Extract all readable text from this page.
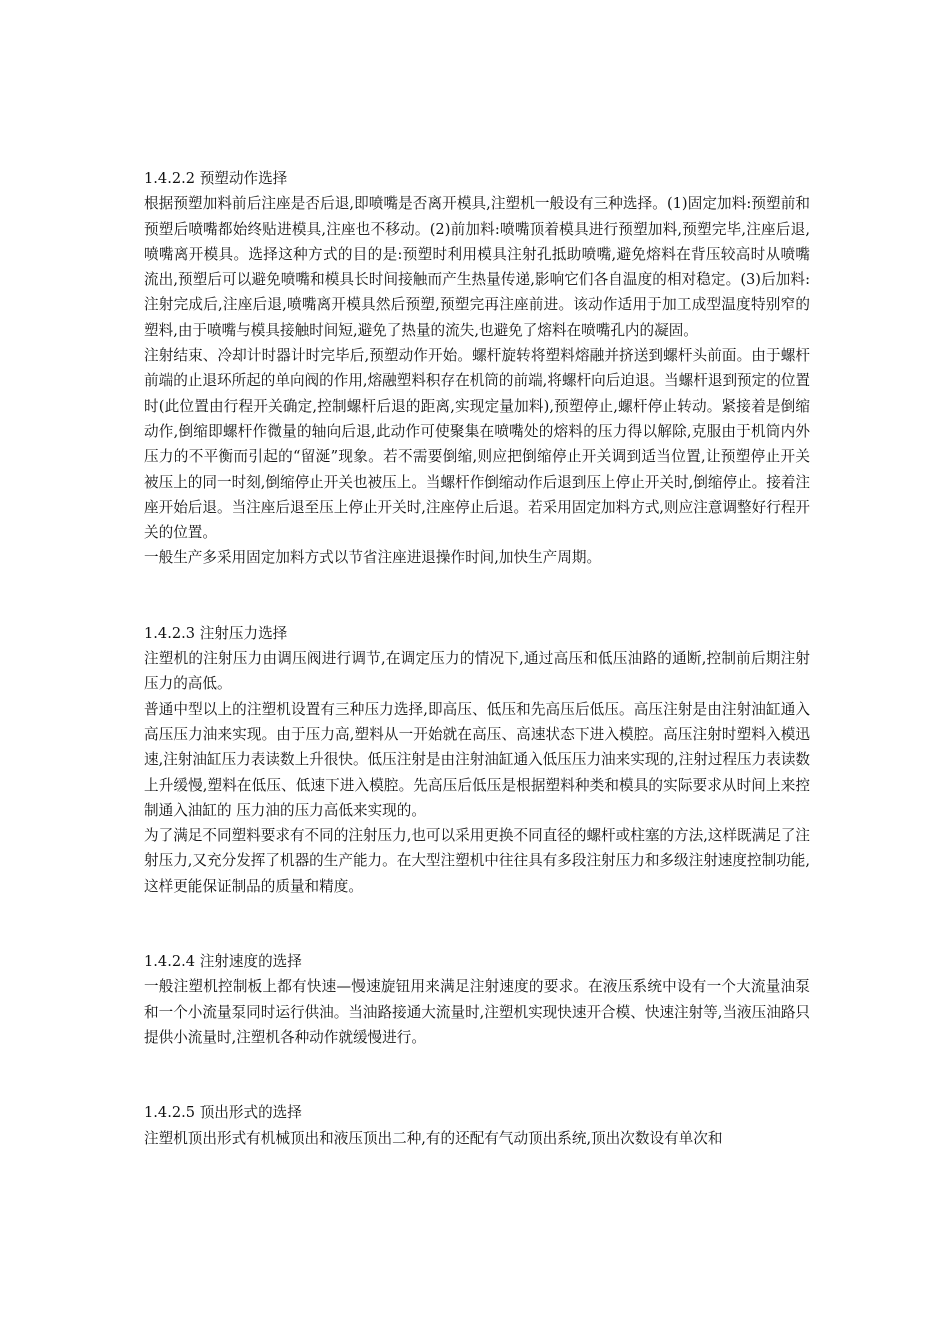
1.4.2.2 预塑动作选择

根据预塑加料前后注座是否后退,即喷嘴是否离开模具,注塑机一般设有三种选择。(1)固定加料:预塑前和预塑后喷嘴都始终贴进模具,注座也不移动。(2)前加料:喷嘴顶着模具进行预塑加料,预塑完毕,注座后退,喷嘴离开模具。选择这种方式的目的是:预塑时利用模具注射孔抵助喷嘴,避免熔料在背压较高时从喷嘴流出,预塑后可以避免喷嘴和模具长时间接触而产生热量传递,影响它们各自温度的相对稳定。(3)后加料:注射完成后,注座后退,喷嘴离开模具然后预塑,预塑完再注座前进。该动作适用于加工成型温度特别窄的塑料,由于喷嘴与模具接触时间短,避免了热量的流失,也避免了熔料在喷嘴孔内的凝固。

注射结束、冷却计时器计时完毕后,预塑动作开始。螺杆旋转将塑料熔融并挤送到螺杆头前面。由于螺杆前端的止退环所起的单向阀的作用,熔融塑料积存在机筒的前端,将螺杆向后迫退。当螺杆退到预定的位置时(此位置由行程开关确定,控制螺杆后退的距离,实现定量加料),预塑停止,螺杆停止转动。紧接着是倒缩动作,倒缩即螺杆作微量的轴向后退,此动作可使聚集在喷嘴处的熔料的压力得以解除,克服由于机筒内外压力的不平衡而引起的“留涎”现象。若不需要倒缩,则应把倒缩停止开关调到适当位置,让预塑停止开关被压上的同一时刻,倒缩停止开关也被压上。当螺杆作倒缩动作后退到压上停止开关时,倒缩停止。接着注座开始后退。当注座后退至压上停止开关时,注座停止后退。若采用固定加料方式,则应注意调整好行程开关的位置。

一般生产多采用固定加料方式以节省注座进退操作时间,加快生产周期。

1.4.2.3 注射压力选择

注塑机的注射压力由调压阀进行调节,在调定压力的情况下,通过高压和低压油路的通断,控制前后期注射压力的高低。

普通中型以上的注塑机设置有三种压力选择,即高压、低压和先高压后低压。高压注射是由注射油缸通入高压压力油来实现。由于压力高,塑料从一开始就在高压、高速状态下进入模腔。高压注射时塑料入模迅速,注射油缸压力表读数上升很快。低压注射是由注射油缸通入低压压力油来实现的,注射过程压力表读数上升缓慢,塑料在低压、低速下进入模腔。先高压后低压是根据塑料种类和模具的实际要求从时间上来控制通入油缸的 压力油的压力高低来实现的。

为了满足不同塑料要求有不同的注射压力,也可以采用更换不同直径的螺杆或柱塞的方法,这样既满足了注射压力,又充分发挥了机器的生产能力。在大型注塑机中往往具有多段注射压力和多级注射速度控制功能,这样更能保证制品的质量和精度。

1.4.2.4 注射速度的选择

一般注塑机控制板上都有快速—慢速旋钮用来满足注射速度的要求。在液压系统中设有一个大流量油泵和一个小流量泵同时运行供油。当油路接通大流量时,注塑机实现快速开合模、快速注射等,当液压油路只提供小流量时,注塑机各种动作就缓慢进行。

1.4.2.5 顶出形式的选择

注塑机顶出形式有机械顶出和液压顶出二种,有的还配有气动顶出系统,顶出次数设有单次和
